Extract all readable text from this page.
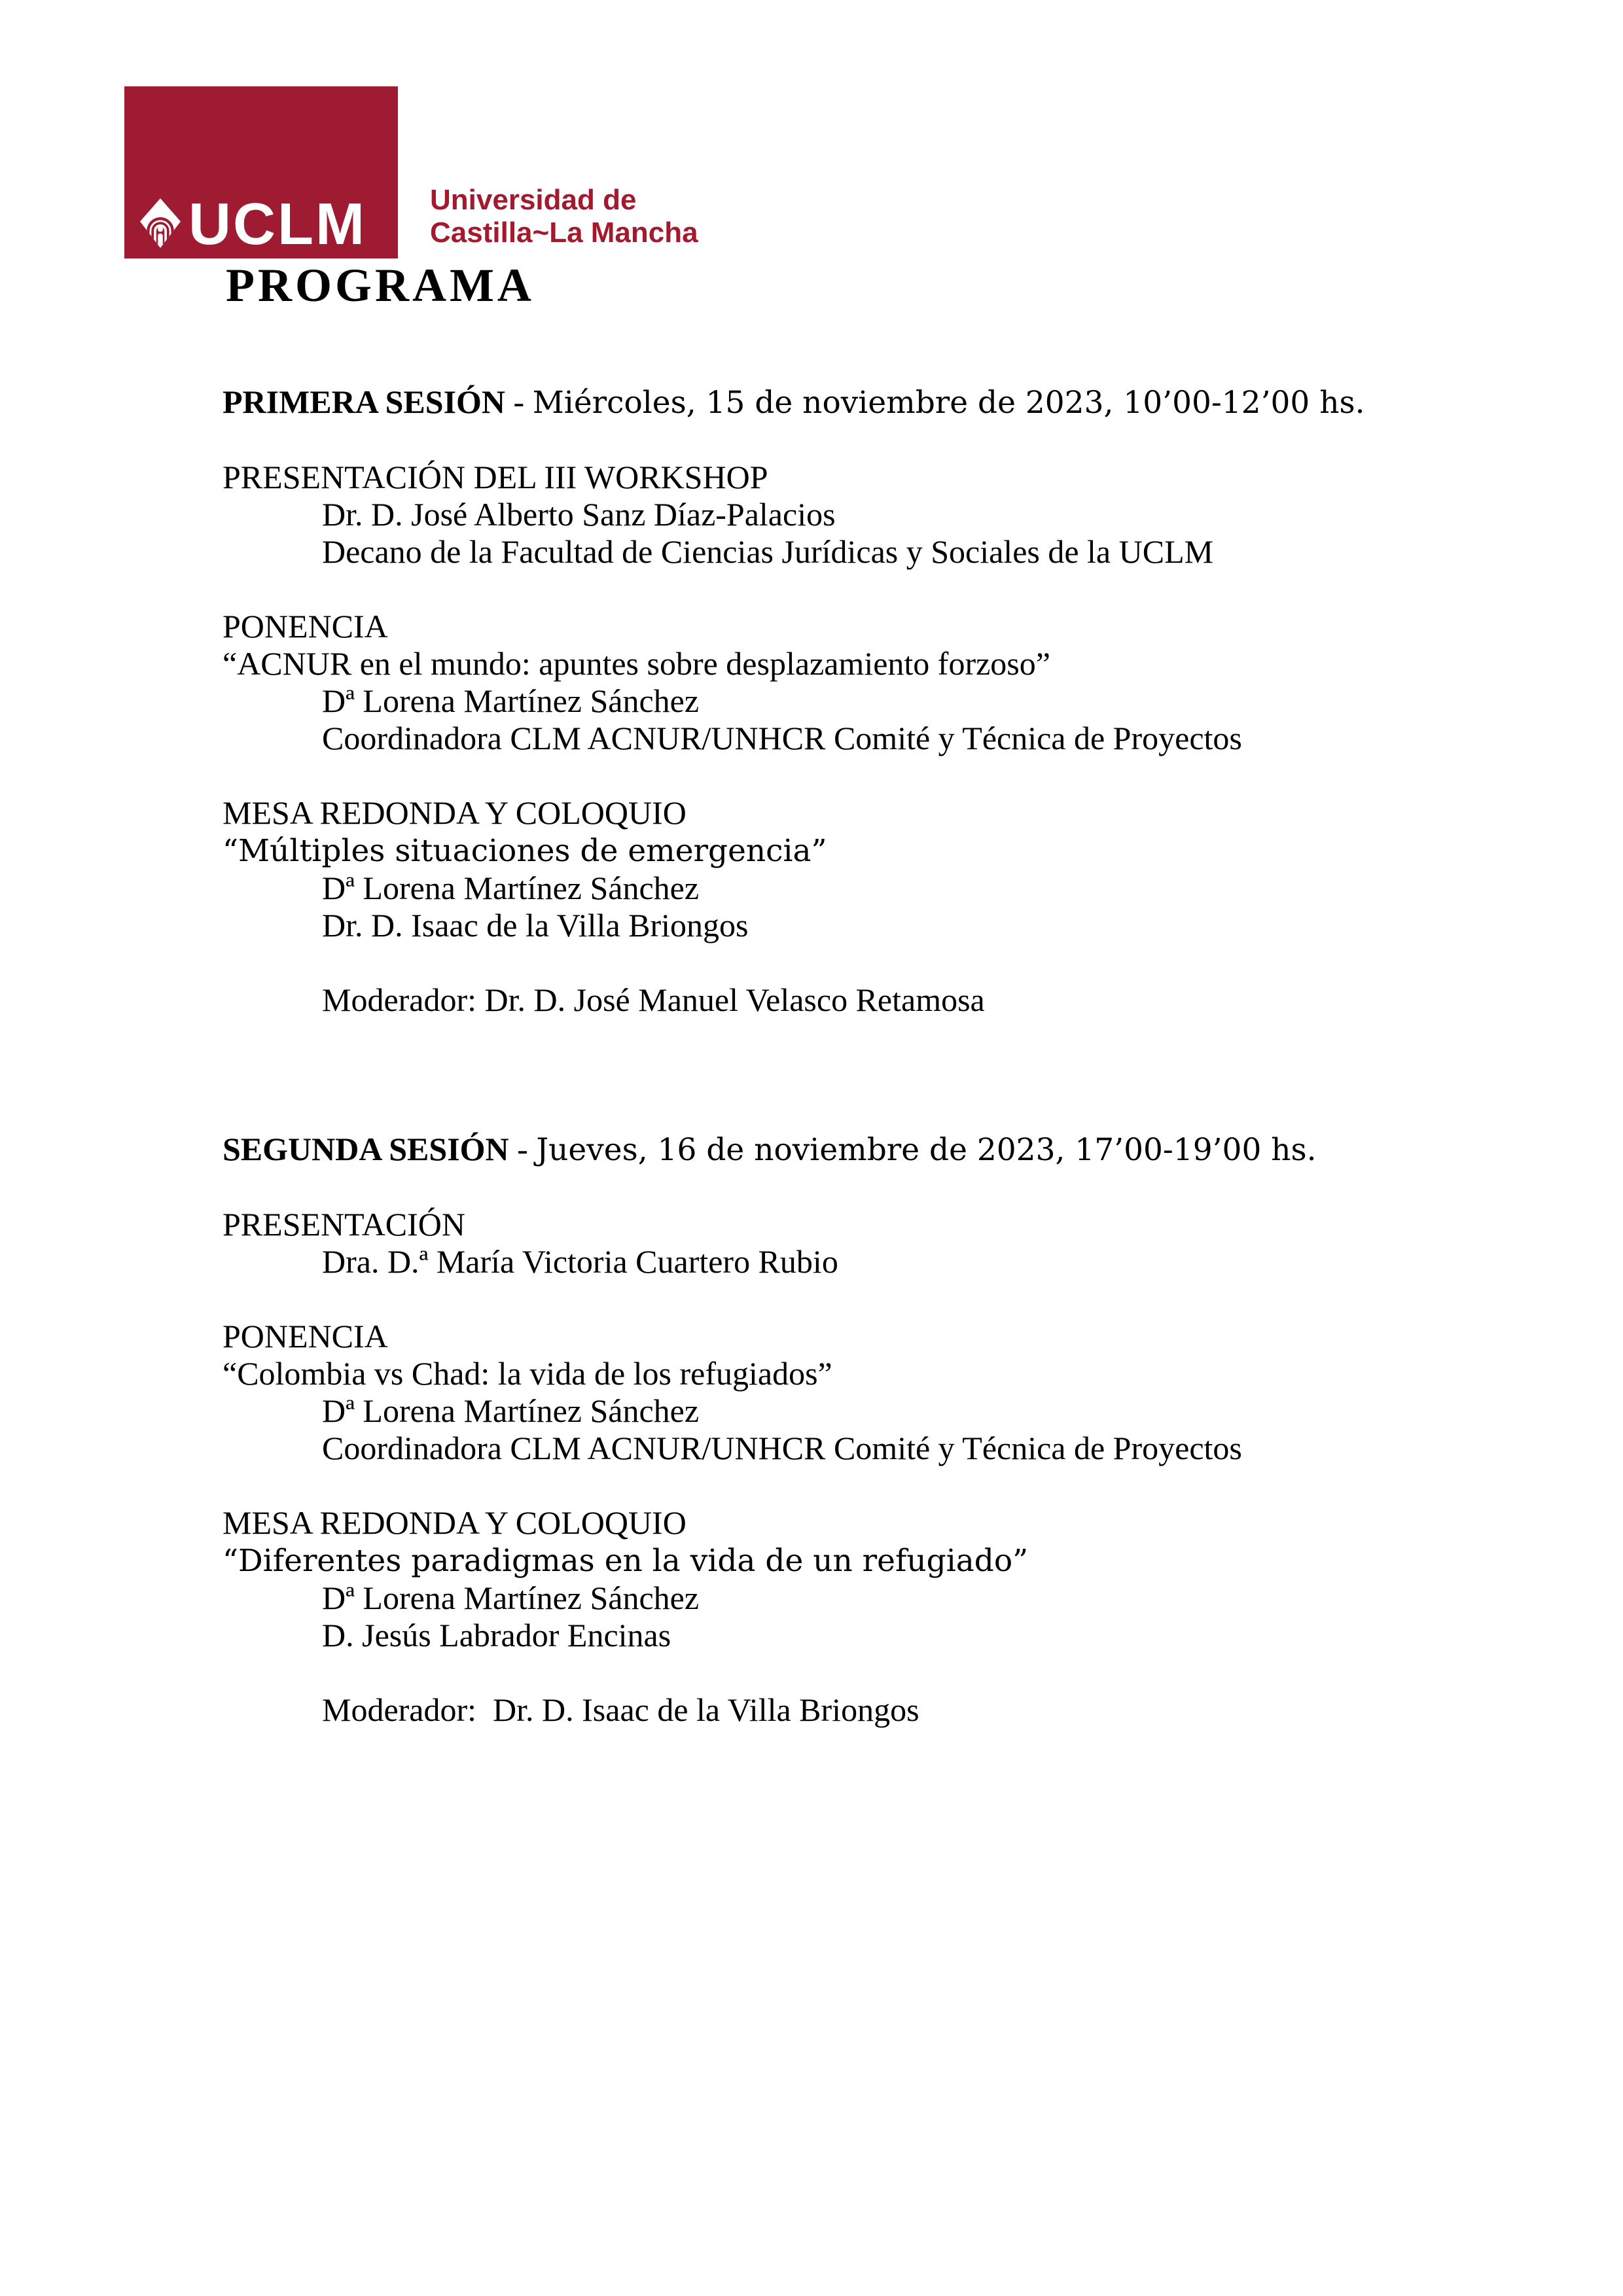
UCLM Universidad de
Castilla~La Mancha
PROGRAMA
PRIMERA SESIÓN - Miércoles, 15 de noviembre de 2023, 10’00-12’00 hs.

PRESENTACIÓN DEL III WORKSHOP
Dr. D. José Alberto Sanz Díaz-Palacios
Decano de la Facultad de Ciencias Jurídicas y Sociales de la UCLM

PONENCIA
“ACNUR en el mundo: apuntes sobre desplazamiento forzoso”
Dª Lorena Martínez Sánchez
Coordinadora CLM ACNUR/UNHCR Comité y Técnica de Proyectos

MESA REDONDA Y COLOQUIO
“Múltiples situaciones de emergencia”
Dª Lorena Martínez Sánchez
Dr. D. Isaac de la Villa Briongos

Moderador: Dr. D. José Manuel Velasco Retamosa

SEGUNDA SESIÓN - Jueves, 16 de noviembre de 2023, 17’00-19’00 hs.

PRESENTACIÓN
Dra. D.ª María Victoria Cuartero Rubio

PONENCIA
“Colombia vs Chad: la vida de los refugiados”
Dª Lorena Martínez Sánchez
Coordinadora CLM ACNUR/UNHCR Comité y Técnica de Proyectos

MESA REDONDA Y COLOQUIO
“Diferentes paradigmas en la vida de un refugiado”
Dª Lorena Martínez Sánchez
D. Jesús Labrador Encinas

Moderador:  Dr. D. Isaac de la Villa Briongos
